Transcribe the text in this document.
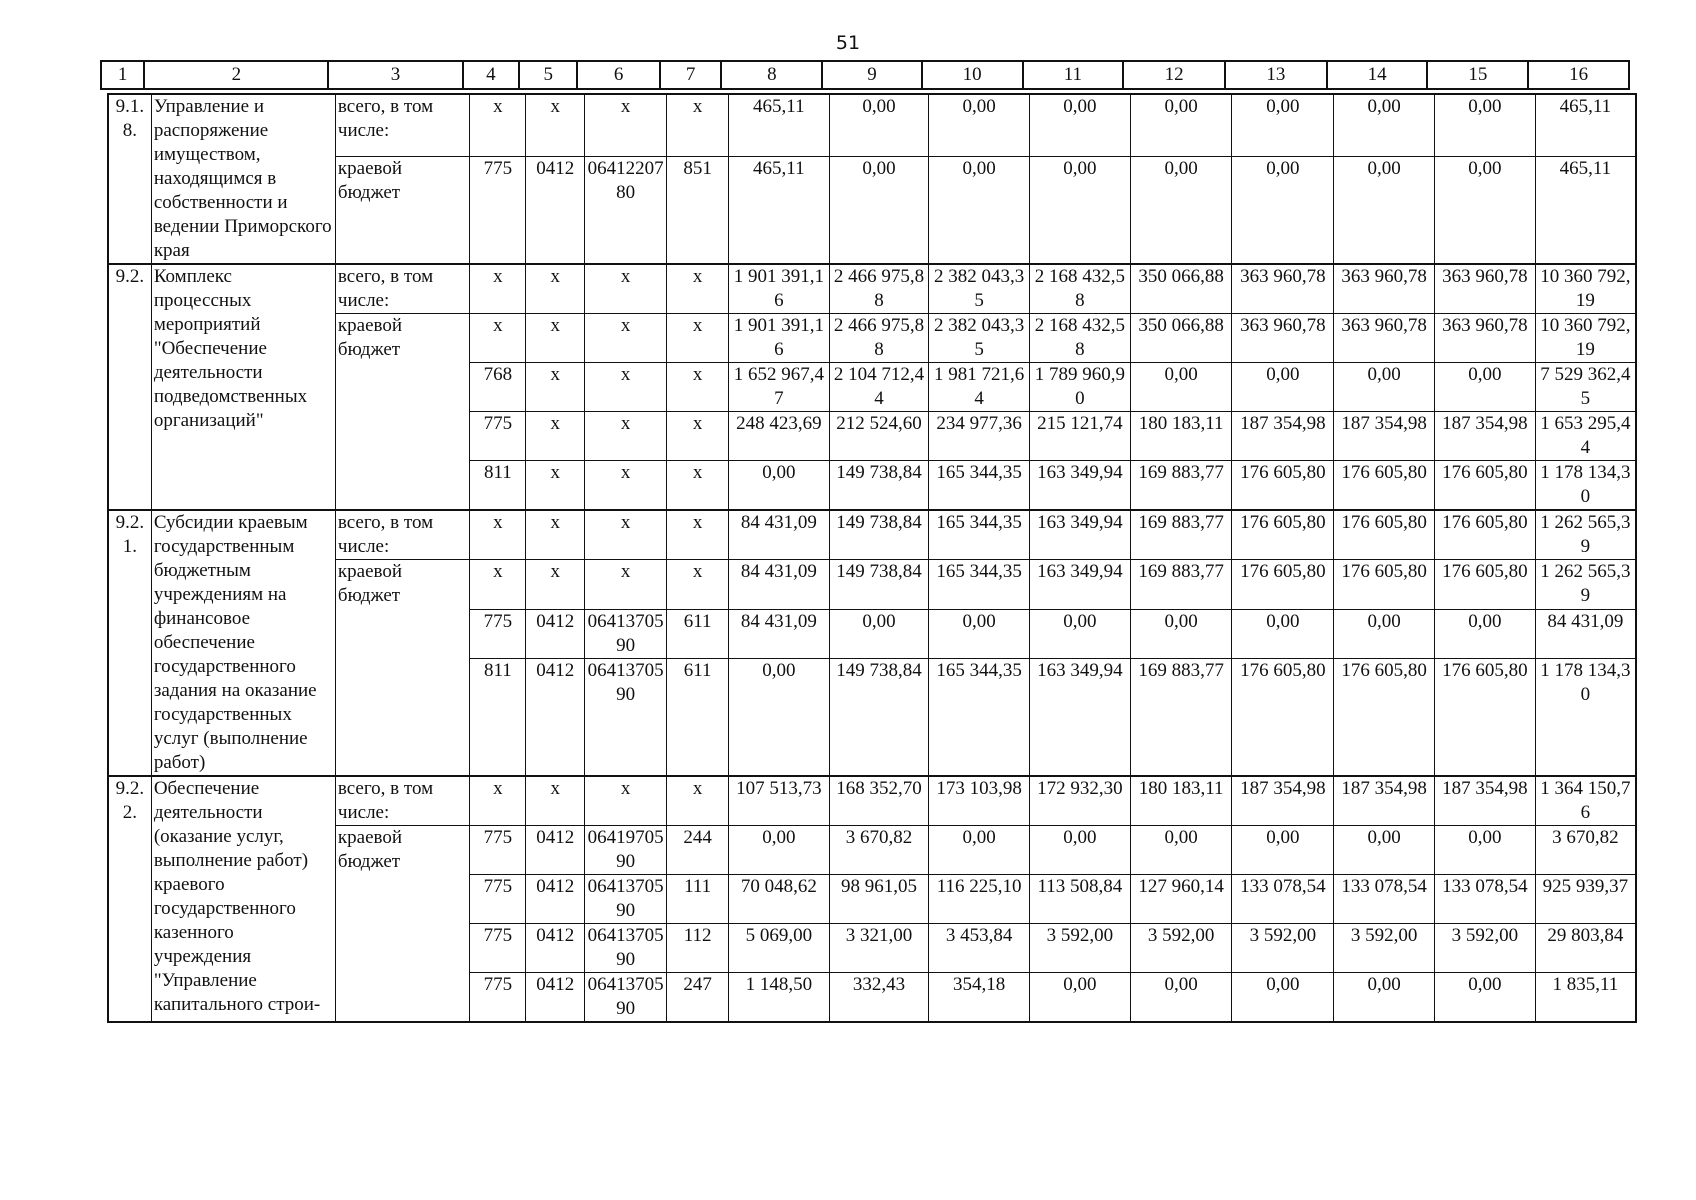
51
1	2	3	4	5	6	7	8	9	10	11	12	13	14	15	16
9.1.8.	Управление и распоряжение имуществом, находящимся в собственности и ведении Приморского края	всего, в том числе:	x	x	x	x	465,11	0,00	0,00	0,00	0,00	0,00	0,00	0,00	465,11
		краевой бюджет	775	0412	0641220780	851	465,11	0,00	0,00	0,00	0,00	0,00	0,00	0,00	465,11
9.2.	Комплекс процессных мероприятий "Обеспечение деятельности подведомственных организаций"	всего, в том числе:	x	x	x	x	1 901 391,16	2 466 975,88	2 382 043,35	2 168 432,58	350 066,88	363 960,78	363 960,78	363 960,78	10 360 792,19
		краевой бюджет	x	x	x	x	1 901 391,16	2 466 975,88	2 382 043,35	2 168 432,58	350 066,88	363 960,78	363 960,78	363 960,78	10 360 792,19
			768	x	x	x	1 652 967,47	2 104 712,44	1 981 721,64	1 789 960,90	0,00	0,00	0,00	0,00	7 529 362,45
			775	x	x	x	248 423,69	212 524,60	234 977,36	215 121,74	180 183,11	187 354,98	187 354,98	187 354,98	1 653 295,44
			811	x	x	x	0,00	149 738,84	165 344,35	163 349,94	169 883,77	176 605,80	176 605,80	176 605,80	1 178 134,30
9.2.1.	Субсидии краевым государственным бюджетным учреждениям на финансовое обеспечение государственного задания на оказание государственных услуг (выполнение работ)	всего, в том числе:	x	x	x	x	84 431,09	149 738,84	165 344,35	163 349,94	169 883,77	176 605,80	176 605,80	176 605,80	1 262 565,39
		краевой бюджет	x	x	x	x	84 431,09	149 738,84	165 344,35	163 349,94	169 883,77	176 605,80	176 605,80	176 605,80	1 262 565,39
			775	0412	0641370590	611	84 431,09	0,00	0,00	0,00	0,00	0,00	0,00	0,00	84 431,09
			811	0412	0641370590	611	0,00	149 738,84	165 344,35	163 349,94	169 883,77	176 605,80	176 605,80	176 605,80	1 178 134,30
9.2.2.	Обеспечение деятельности (оказание услуг, выполнение работ) краевого государственного казенного учреждения "Управление капитального строи-	всего, в том числе:	x	x	x	x	107 513,73	168 352,70	173 103,98	172 932,30	180 183,11	187 354,98	187 354,98	187 354,98	1 364 150,76
		краевой бюджет	775	0412	0641970590	244	0,00	3 670,82	0,00	0,00	0,00	0,00	0,00	0,00	3 670,82
			775	0412	0641370590	111	70 048,62	98 961,05	116 225,10	113 508,84	127 960,14	133 078,54	133 078,54	133 078,54	925 939,37
			775	0412	0641370590	112	5 069,00	3 321,00	3 453,84	3 592,00	3 592,00	3 592,00	3 592,00	3 592,00	29 803,84
			775	0412	0641370590	247	1 148,50	332,43	354,18	0,00	0,00	0,00	0,00	0,00	1 835,11
